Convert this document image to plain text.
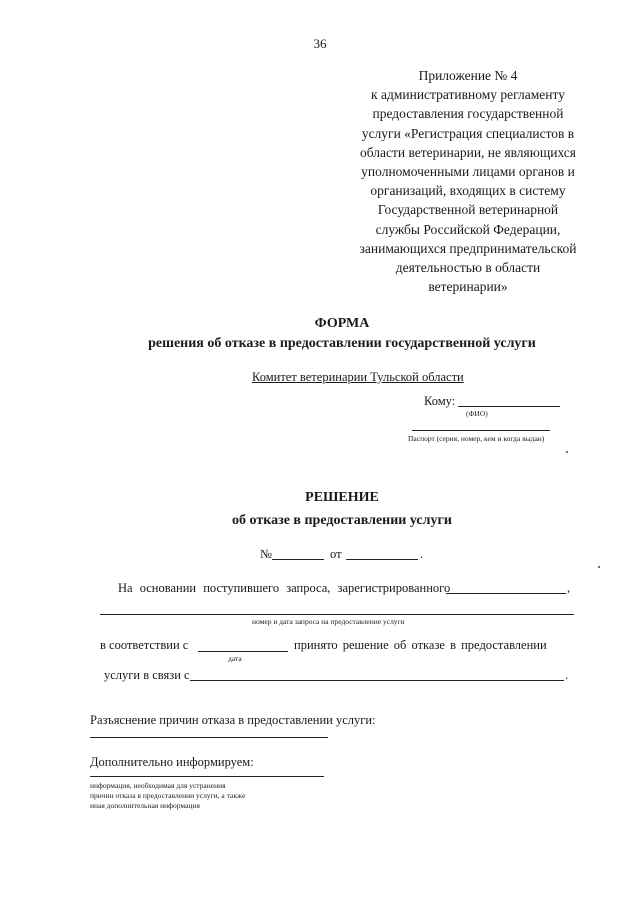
36
Приложение № 4
к административному регламенту
предоставления государственной
услуги «Регистрация специалистов в
области ветеринарии, не являющихся
уполномоченными лицами органов и
организаций, входящих в систему
Государственной ветеринарной
службы Российской Федерации,
занимающихся предпринимательской
деятельностью в области
ветеринарии»
ФОРМА
решения об отказе в предоставлении государственной услуги
Комитет ветеринарии Тульской области
Кому:
(ФИО)
Паспорт (серия, номер, кем и когда выдан)
РЕШЕНИЕ
об отказе в предоставлении услуги
№	от	.
На основании поступившего запроса, зарегистрированного	,
номер и дата запроса на предоставление услуги
в соответствии с	принято решение об отказе в предоставлении
дата
услуги в связи с	.
Разъяснение причин отказа в предоставлении услуги:
Дополнительно информируем:
информация, необходимая для устранения
причин отказа в предоставлении услуги, а также
иная дополнительная информация
